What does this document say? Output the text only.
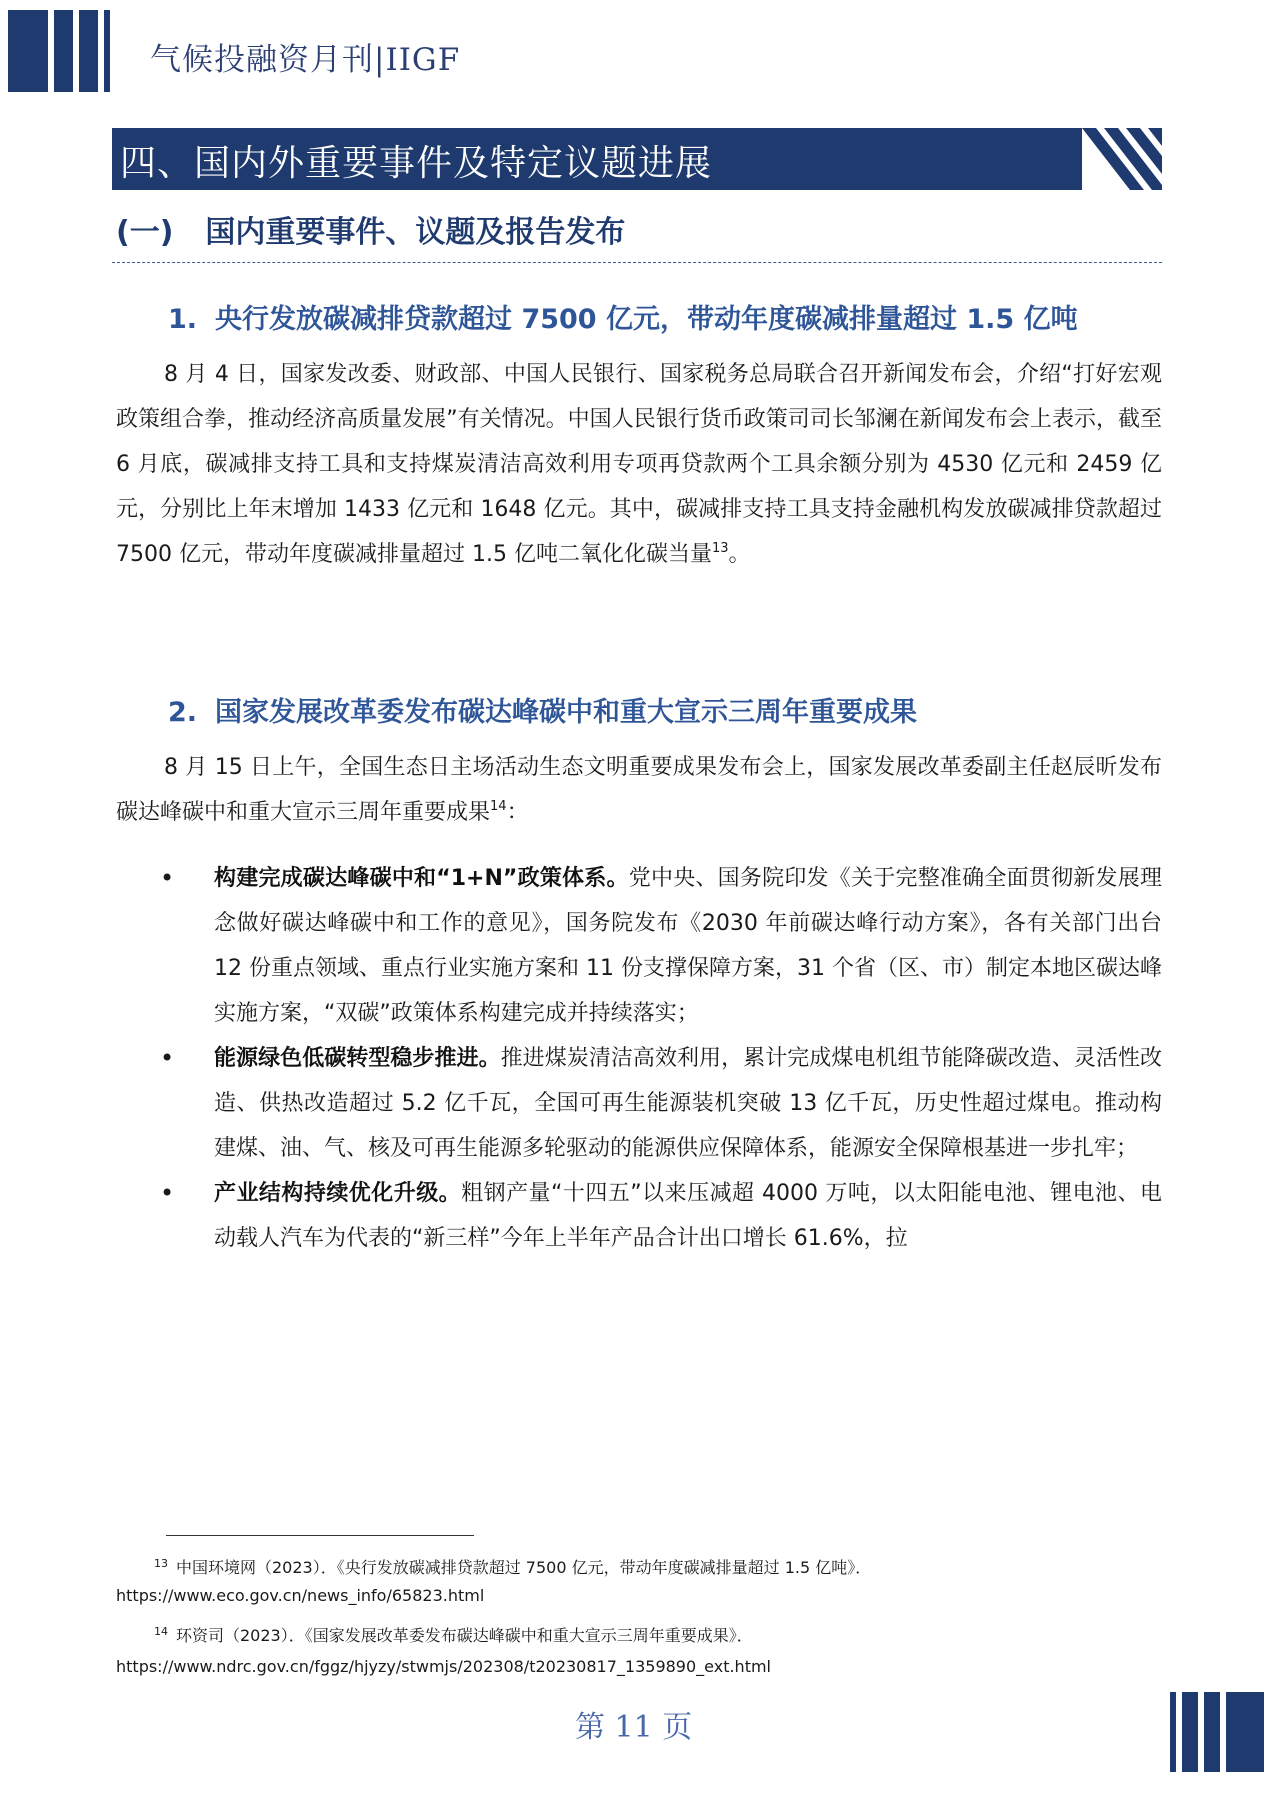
气候投融资月刊|IIGF
四、国内外重要事件及特定议题进展
(一) 国内重要事件、议题及报告发布
1. 央行发放碳减排贷款超过 7500 亿元，带动年度碳减排量超过 1.5 亿吨
8 月 4 日，国家发改委、财政部、中国人民银行、国家税务总局联合召开新闻发布会，介绍“打好宏观政策组合拳，推动经济高质量发展”有关情况。中国人民银行货币政策司司长邹澜在新闻发布会上表示，截至 6 月底，碳减排支持工具和支持煤炭清洁高效利用专项再贷款两个工具余额分别为 4530 亿元和 2459 亿元，分别比上年末增加 1433 亿元和 1648 亿元。其中，碳减排支持工具支持金融机构发放碳减排贷款超过 7500 亿元，带动年度碳减排量超过 1.5 亿吨二氧化化碳当量$^{13}$。
2. 国家发展改革委发布碳达峰碳中和重大宣示三周年重要成果
8 月 15 日上午，全国生态日主场活动生态文明重要成果发布会上，国家发展改革委副主任赵辰昕发布碳达峰碳中和重大宣示三周年重要成果$^{14}$：
• 构建完成碳达峰碳中和“1+N”政策体系。党中央、国务院印发《关于完整准确全面贯彻新发展理念做好碳达峰碳中和工作的意见》，国务院发布《2030 年前碳达峰行动方案》，各有关部门出台 12 份重点领域、重点行业实施方案和 11 份支撑保障方案，31 个省（区、市）制定本地区碳达峰实施方案，“双碳”政策体系构建完成并持续落实；
• 能源绿色低碳转型稳步推进。推进煤炭清洁高效利用，累计完成煤电机组节能降碳改造、灵活性改造、供热改造超过 5.2 亿千瓦，全国可再生能源装机突破 13 亿千瓦，历史性超过煤电。推动构建煤、油、气、核及可再生能源多轮驱动的能源供应保障体系，能源安全保障根基进一步扎牢；
• 产业结构持续优化升级。粗钢产量“十四五”以来压减超 4000 万吨，以太阳能电池、锂电池、电动载人汽车为代表的“新三样”今年上半年产品合计出口增长 61.6%，拉
$^{13}$ 中国环境网（2023）．《央行发放碳减排贷款超过 7500 亿元，带动年度碳减排量超过 1.5 亿吨》．
https://www.eco.gov.cn/news_info/65823.html
$^{14}$ 环资司（2023）．《国家发展改革委发布碳达峰碳中和重大宣示三周年重要成果》．
https://www.ndrc.gov.cn/fggz/hjyzy/stwmjs/202308/t20230817_1359890_ext.html
第 11 页
